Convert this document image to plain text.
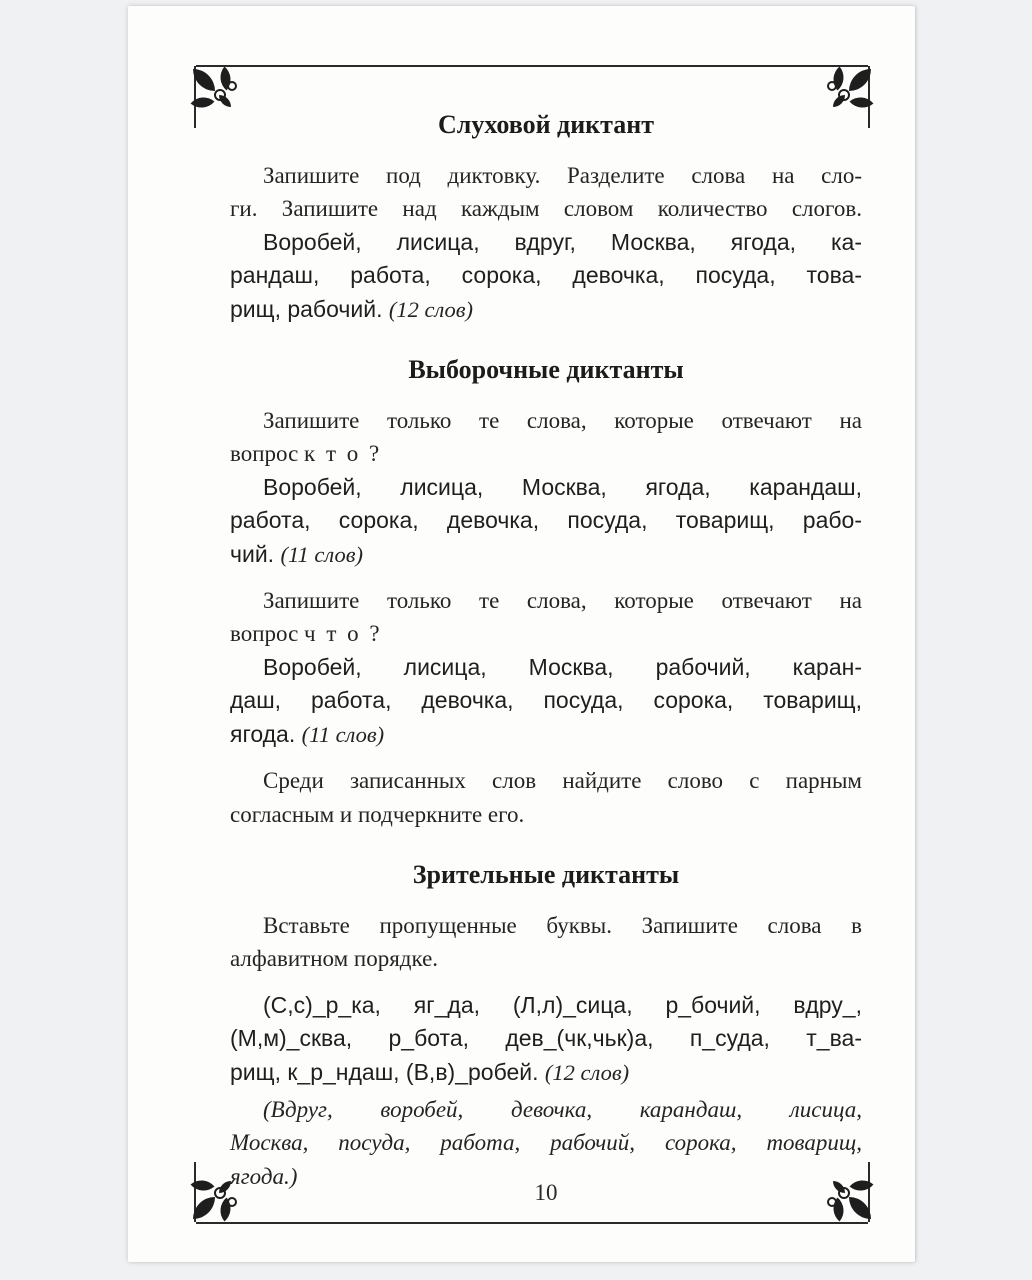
Слуховой диктант
Запишите под диктовку. Разделите слова на сло-
ги. Запишите над каждым словом количество слогов.
Воробей, лисица, вдруг, Москва, ягода, ка-
рандаш, работа, сорока, девочка, посуда, това-
рищ, рабочий. (12 слов)
Выборочные диктанты
Запишите только те слова, которые отвечают на
вопрос к т о ?
Воробей, лисица, Москва, ягода, карандаш,
работа, сорока, девочка, посуда, товарищ, рабо-
чий. (11 слов)
Запишите только те слова, которые отвечают на
вопрос ч т о ?
Воробей, лисица, Москва, рабочий, каран-
даш, работа, девочка, посуда, сорока, товарищ,
ягода. (11 слов)
Среди записанных слов найдите слово с парным
согласным и подчеркните его.
Зрительные диктанты
Вставьте пропущенные буквы. Запишите слова в
алфавитном порядке.
(С,с)_р_ка, яг_да, (Л,л)_сица, р_бочий, вдру_,
(М,м)_сква, р_бота, дев_(чк,чьк)а, п_суда, т_ва-
рищ, к_р_ндаш, (В,в)_робей. (12 слов)
(Вдруг, воробей, девочка, карандаш, лисица,
Москва, посуда, работа, рабочий, сорока, товарищ,
ягода.)
10
